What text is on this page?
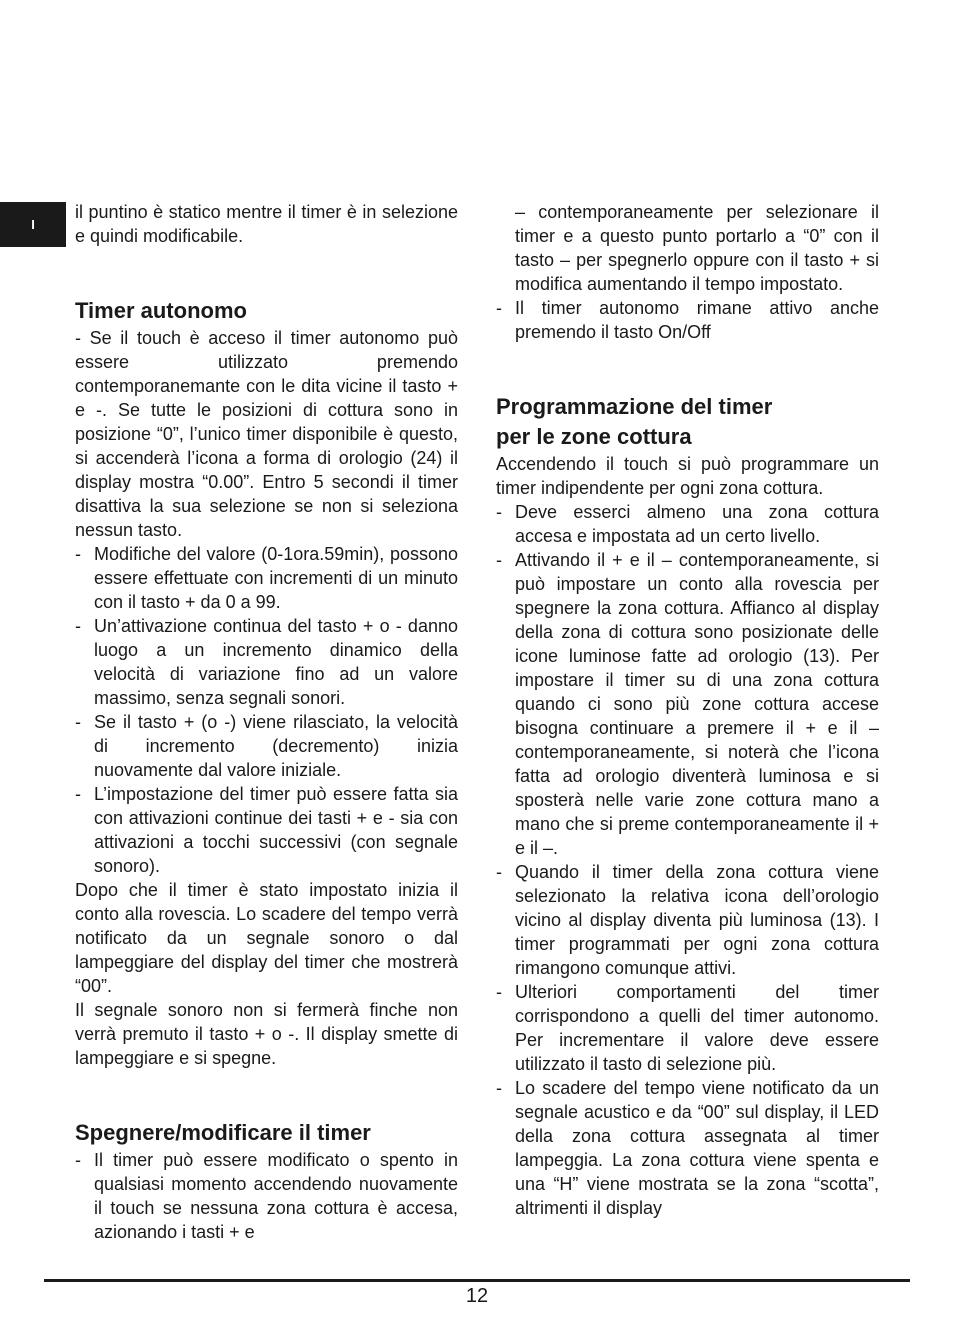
I

il puntino è statico mentre il timer è in selezione e quindi modificabile.

Timer autonomo

- Se il touch è acceso il timer autonomo può essere utilizzato premendo contemporanemante con le dita vicine il tasto + e -. Se tutte le posizioni di cottura sono in posizione “0”, l’unico timer disponibile è questo, si accenderà l’icona a forma di orologio (24) il display mostra “0.00”. Entro 5 secondi il timer disattiva la sua selezione se non si seleziona nessun tasto.

- Modifiche del valore (0-1ora.59min), possono essere effettuate con incrementi di un minuto con il tasto + da 0 a 99.
- Un’attivazione continua del tasto + o - danno luogo a un incremento dinamico della velocità di variazione fino ad un valore massimo, senza segnali sonori.
- Se il tasto + (o -) viene rilasciato, la velocità di incremento (decremento) inizia nuovamente dal valore iniziale.
- L’impostazione del timer può essere fatta sia con attivazioni continue dei tasti + e - sia con attivazioni a tocchi successivi (con segnale sonoro).

Dopo che il timer è stato impostato inizia il conto alla rovescia. Lo scadere del tempo verrà notificato da un segnale sonoro o dal lampeggiare del display del timer che mostrerà “00”.

Il segnale sonoro non si fermerà finche non verrà premuto il tasto + o -. Il display smette di lampeggiare e si spegne.

Spegnere/modificare il timer
- Il timer può essere modificato o spento in qualsiasi momento accendendo nuovamente il touch se nessuna zona cottura è accesa, azionando i tasti + e

– contemporaneamente per selezionare il timer e a questo punto portarlo a “0” con il tasto – per spegnerlo oppure con il tasto + si modifica aumentando il tempo impostato.

- Il timer autonomo rimane attivo anche premendo il tasto On/Off
Programmazione del timer
per le zone cottura

Accendendo il touch si può programmare un timer indipendente per ogni zona cottura.

- Deve esserci almeno una zona cottura accesa e impostata ad un certo livello.
- Attivando il + e il – contemporaneamente, si può impostare un conto alla rovescia per spegnere la zona cottura. Affianco al display della zona di cottura sono posizionate delle icone luminose fatte ad orologio (13). Per impostare il timer su di una zona cottura quando ci sono più zone cottura accese bisogna continuare a premere il + e il – contemporaneamente, si noterà che l’icona fatta ad orologio diventerà luminosa e si sposterà nelle varie zone cottura mano a mano che si preme contemporaneamente il + e il –.
- Quando il timer della zona cottura viene selezionato la relativa icona dell’orologio vicino al display diventa più luminosa (13). I timer programmati per ogni zona cottura rimangono comunque attivi.
- Ulteriori comportamenti del timer corrispondono a quelli del timer autonomo. Per incrementare il valore deve essere utilizzato il tasto di selezione più.
- Lo scadere del tempo viene notificato da un segnale acustico e da “00” sul display, il LED della zona cottura assegnata al timer lampeggia. La zona cottura viene spenta e una “H” viene mostrata se la zona “scotta”, altrimenti il display
12
